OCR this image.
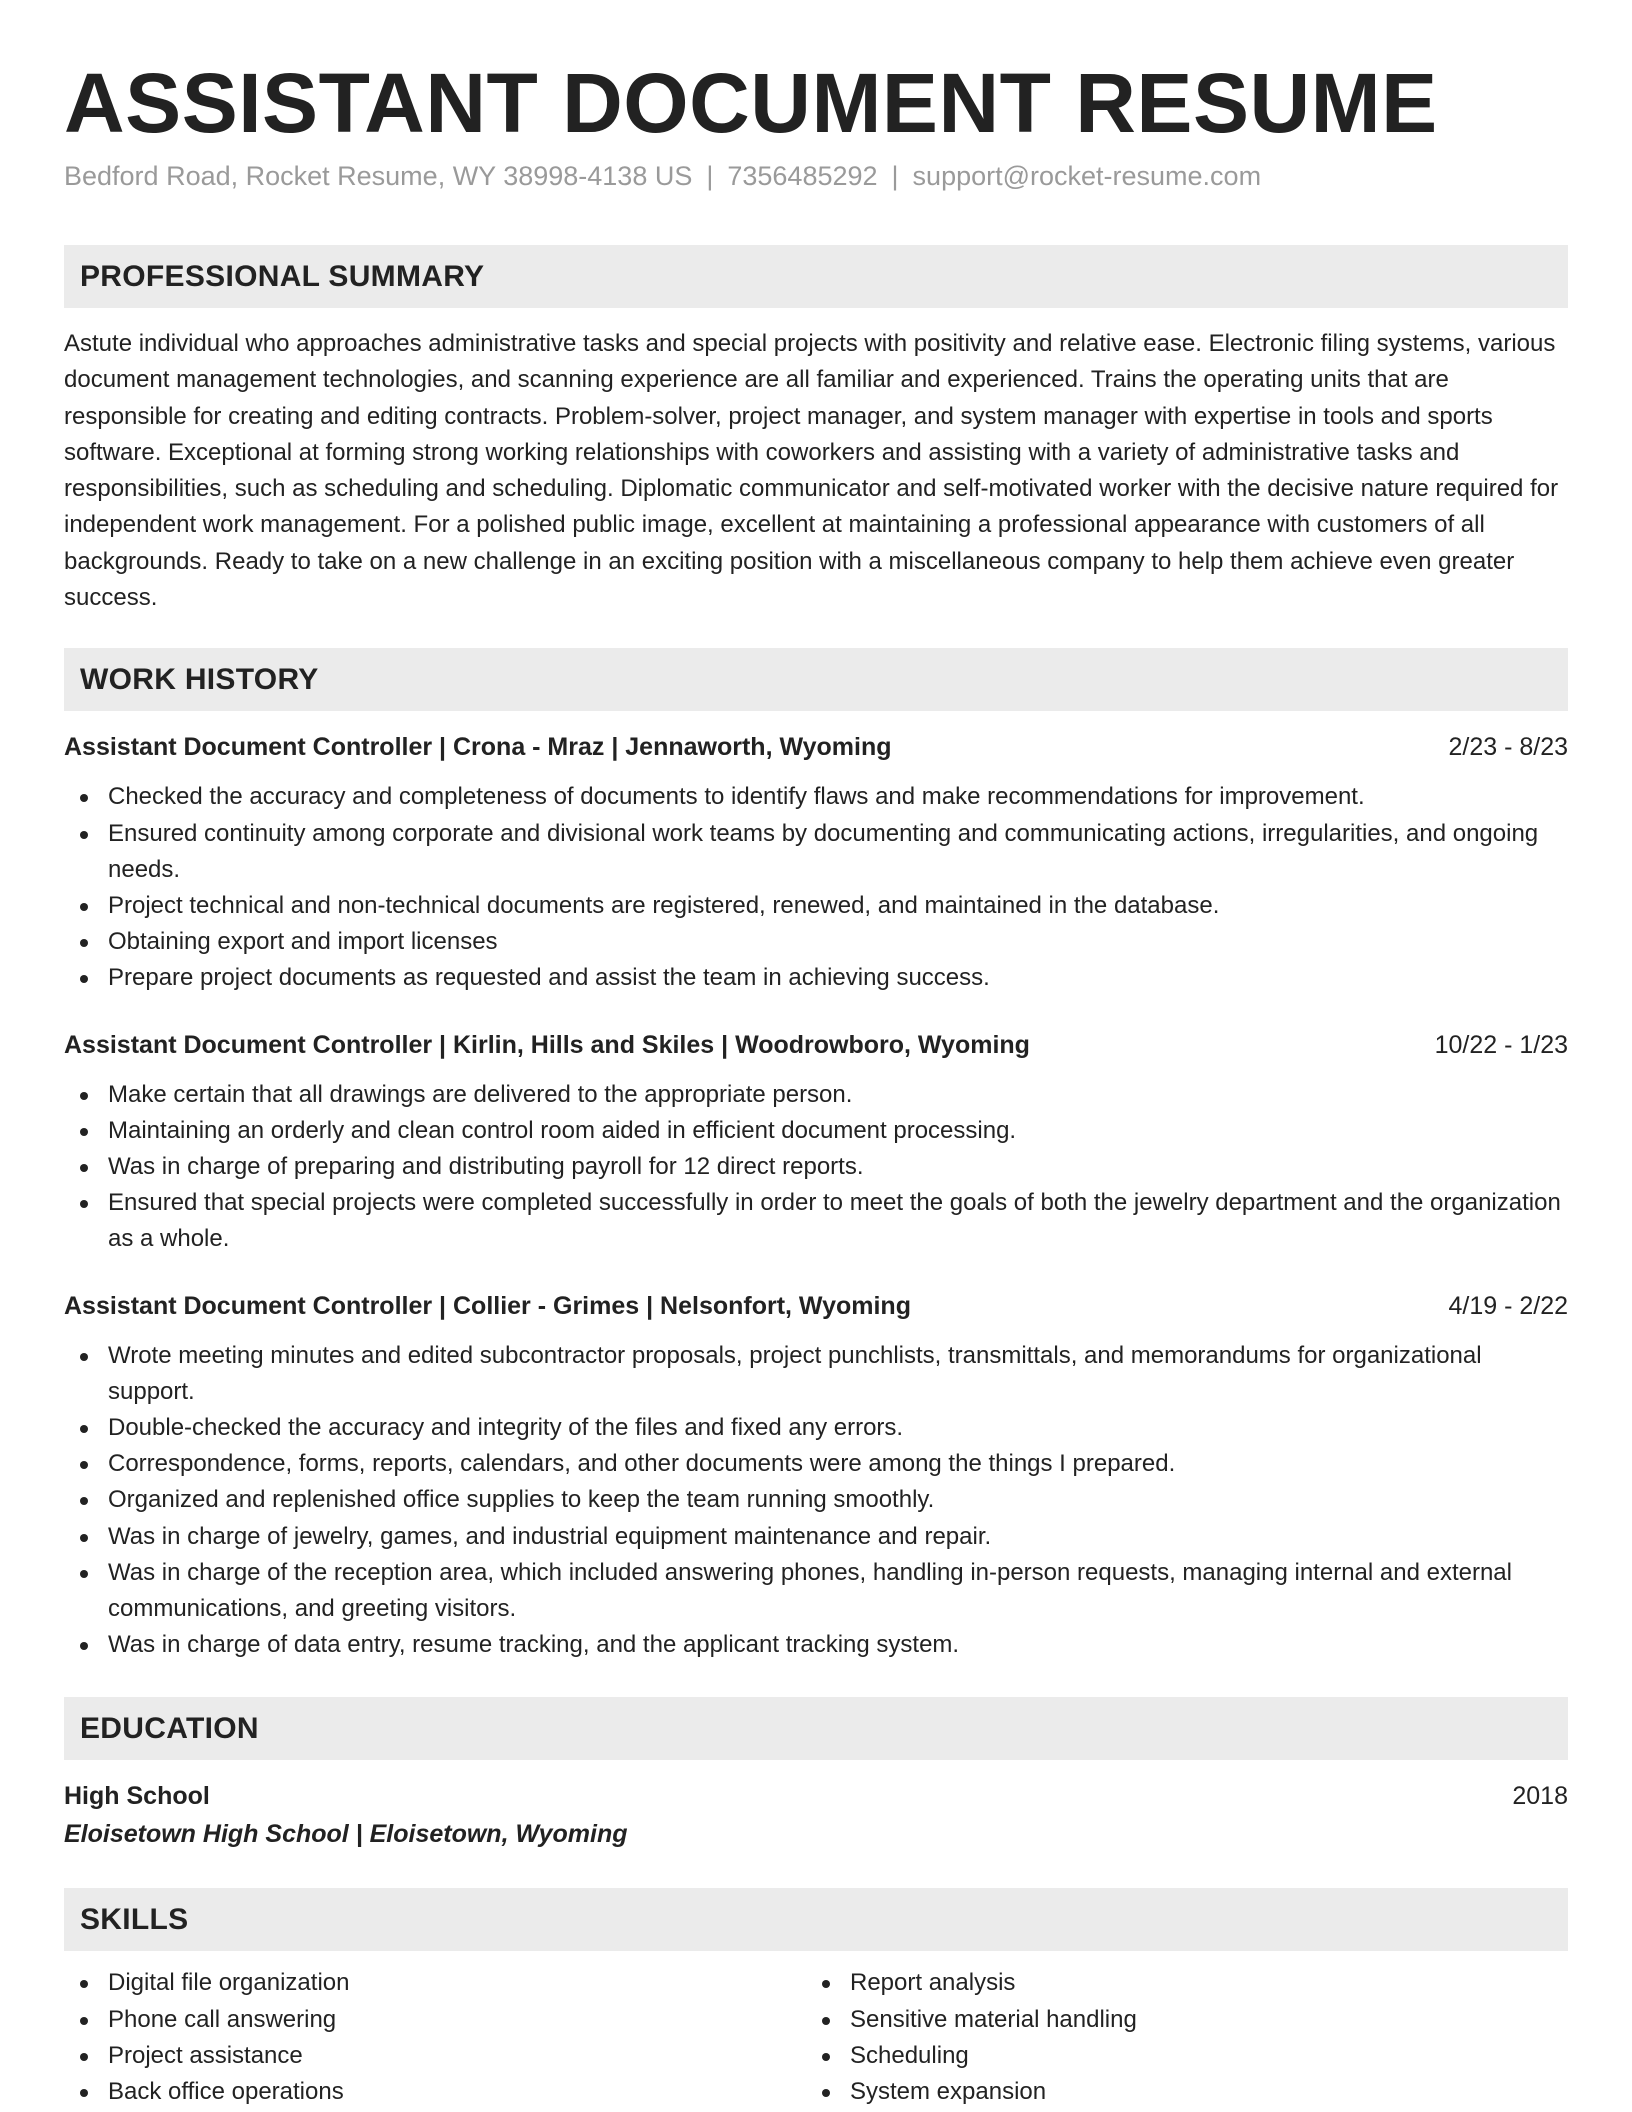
ASSISTANT DOCUMENT RESUME
Bedford Road, Rocket Resume, WY 38998-4138 US | 7356485292 | support@rocket-resume.com
PROFESSIONAL SUMMARY

Astute individual who approaches administrative tasks and special projects with positivity and relative ease. Electronic filing systems, various document management technologies, and scanning experience are all familiar and experienced. Trains the operating units that are responsible for creating and editing contracts. Problem-solver, project manager, and system manager with expertise in tools and sports software. Exceptional at forming strong working relationships with coworkers and assisting with a variety of administrative tasks and responsibilities, such as scheduling and scheduling. Diplomatic communicator and self-motivated worker with the decisive nature required for independent work management. For a polished public image, excellent at maintaining a professional appearance with customers of all backgrounds. Ready to take on a new challenge in an exciting position with a miscellaneous company to help them achieve even greater success.

WORK HISTORY
Assistant Document Controller | Crona - Mraz | Jennaworth, Wyoming	2/23 - 8/23
Checked the accuracy and completeness of documents to identify flaws and make recommendations for improvement.
Ensured continuity among corporate and divisional work teams by documenting and communicating actions, irregularities, and ongoing needs.
Project technical and non-technical documents are registered, renewed, and maintained in the database.
Obtaining export and import licenses
Prepare project documents as requested and assist the team in achieving success.
Assistant Document Controller | Kirlin, Hills and Skiles | Woodrowboro, Wyoming	10/22 - 1/23
Make certain that all drawings are delivered to the appropriate person.
Maintaining an orderly and clean control room aided in efficient document processing.
Was in charge of preparing and distributing payroll for 12 direct reports.
Ensured that special projects were completed successfully in order to meet the goals of both the jewelry department and the organization as a whole.
Assistant Document Controller | Collier - Grimes | Nelsonfort, Wyoming	4/19 - 2/22
Wrote meeting minutes and edited subcontractor proposals, project punchlists, transmittals, and memorandums for organizational support.
Double-checked the accuracy and integrity of the files and fixed any errors.
Correspondence, forms, reports, calendars, and other documents were among the things I prepared.
Organized and replenished office supplies to keep the team running smoothly.
Was in charge of jewelry, games, and industrial equipment maintenance and repair.
Was in charge of the reception area, which included answering phones, handling in-person requests, managing internal and external communications, and greeting visitors.
Was in charge of data entry, resume tracking, and the applicant tracking system.
EDUCATION
High School	2018
Eloisetown High School | Eloisetown, Wyoming
SKILLS
Digital file organization
Phone call answering
Project assistance
Back office operations
Report analysis
Sensitive material handling
Scheduling
System expansion
